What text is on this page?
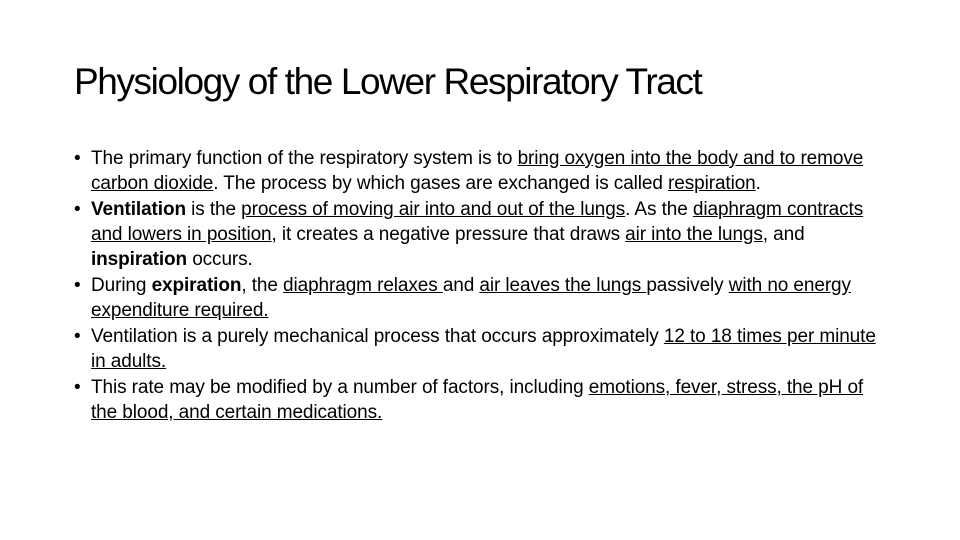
Physiology of the Lower Respiratory Tract
• The primary function of the respiratory system is to bring oxygen into the body and to remove carbon dioxide. The process by which gases are exchanged is called respiration.
• Ventilation is the process of moving air into and out of the lungs. As the diaphragm contracts and lowers in position, it creates a negative pressure that draws air into the lungs, and inspiration occurs.
• During expiration, the diaphragm relaxes and air leaves the lungs passively with no energy expenditure required.
• Ventilation is a purely mechanical process that occurs approximately 12 to 18 times per minute in adults.
• This rate may be modified by a number of factors, including emotions, fever, stress, the pH of the blood, and certain medications.
